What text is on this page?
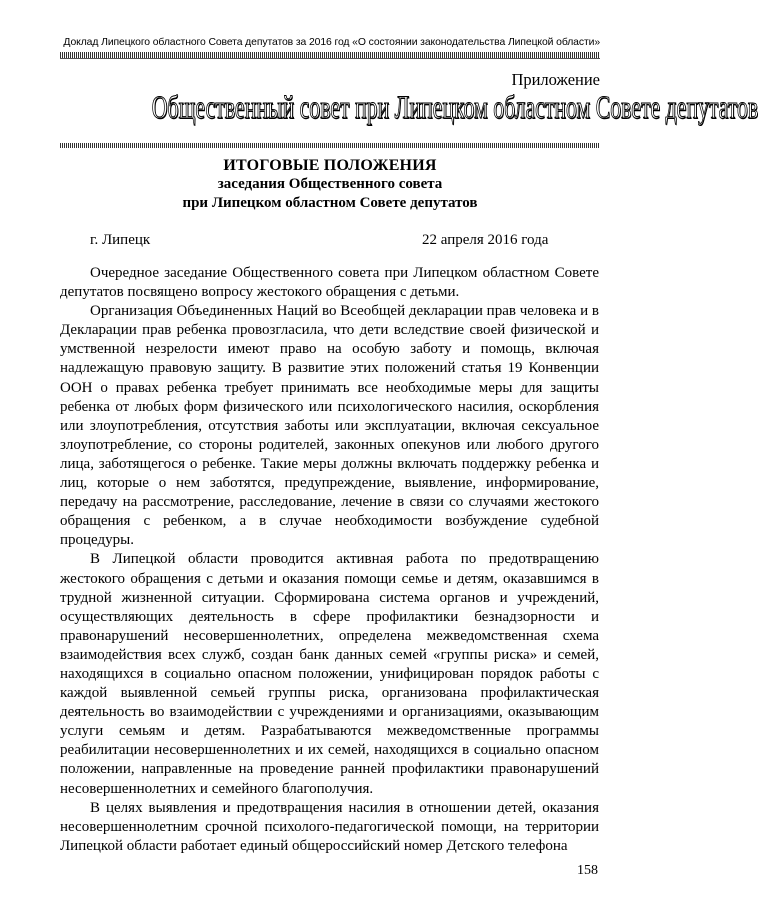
Доклад Липецкого областного Совета депутатов за 2016 год «О состоянии законодательства Липецкой области»
Приложение
Общественный совет при Липецком областном Совете депутатов
ИТОГОВЫЕ ПОЛОЖЕНИЯ
заседания Общественного совета
при Липецком областном Совете депутатов
г. Липецк	22 апреля 2016 года

Очередное заседание Общественного совета при Липецком областном Совете депутатов посвящено вопросу жестокого обращения с детьми.

Организация Объединенных Наций во Всеобщей декларации прав человека и в Декларации прав ребенка провозгласила, что дети вследствие своей физической и умственной незрелости имеют право на особую заботу и помощь, включая надлежащую правовую защиту. В развитие этих положений статья 19 Конвенции ООН о правах ребенка требует принимать все необходимые меры для защиты ребенка от любых форм физического или психологического насилия, оскорбления или злоупотребления, отсутствия заботы или эксплуатации, включая сексуальное злоупотребление, со стороны родителей, законных опекунов или любого другого лица, заботящегося о ребенке. Такие меры должны включать поддержку ребенка и лиц, которые о нем заботятся, предупреждение, выявление, информирование, передачу на рассмотрение, расследование, лечение в связи со случаями жестокого обращения с ребенком, а в случае необходимости возбуждение судебной процедуры.

В Липецкой области проводится активная работа по предотвращению жестокого обращения с детьми и оказания помощи семье и детям, оказавшимся в трудной жизненной ситуации. Сформирована система органов и учреждений, осуществляющих деятельность в сфере профилактики безнадзорности и правонарушений несовершеннолетних, определена межведомственная схема взаимодействия всех служб, создан банк данных семей «группы риска» и семей, находящихся в социально опасном положении, унифицирован порядок работы с каждой выявленной семьей группы риска, организована профилактическая деятельность во взаимодействии с учреждениями и организациями, оказывающим услуги семьям и детям. Разрабатываются межведомственные программы реабилитации несовершеннолетних и их семей, находящихся в социально опасном положении, направленные на проведение ранней профилактики правонарушений несовершеннолетних и семейного благополучия.

В целях выявления и предотвращения насилия в отношении детей, оказания несовершеннолетним срочной психолого-педагогической помощи, на территории Липецкой области работает единый общероссийский номер Детского телефона

158
